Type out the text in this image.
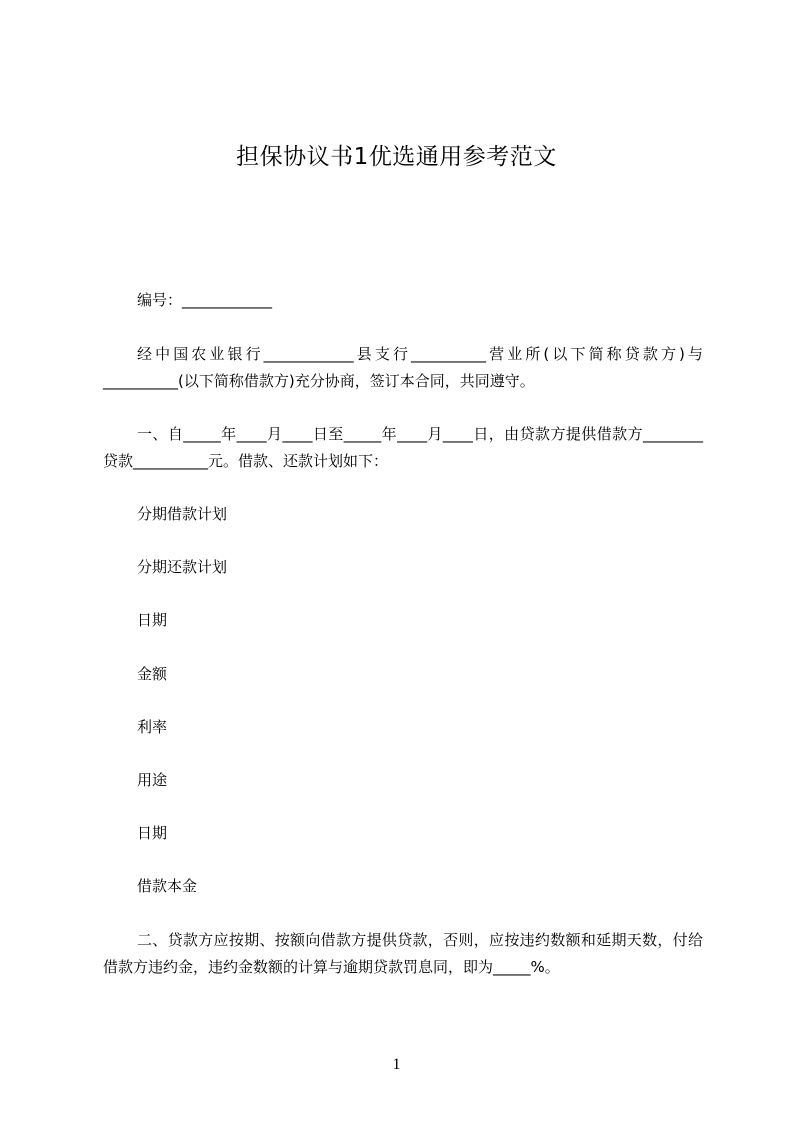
担保协议书1优选通用参考范文

编号：____________

经中国农业银行____________县支行__________营业所(以下简称贷款方)与__________(以下简称借款方)充分协商，签订本合同，共同遵守。

一、自_____年____月____日至_____年____月____日，由贷款方提供借款方________贷款__________元。借款、还款计划如下：

分期借款计划

分期还款计划

日期

金额

利率

用途

日期

借款本金

二、贷款方应按期、按额向借款方提供贷款，否则，应按违约数额和延期天数，付给借款方违约金，违约金数额的计算与逾期贷款罚息同，即为_____%。

1
